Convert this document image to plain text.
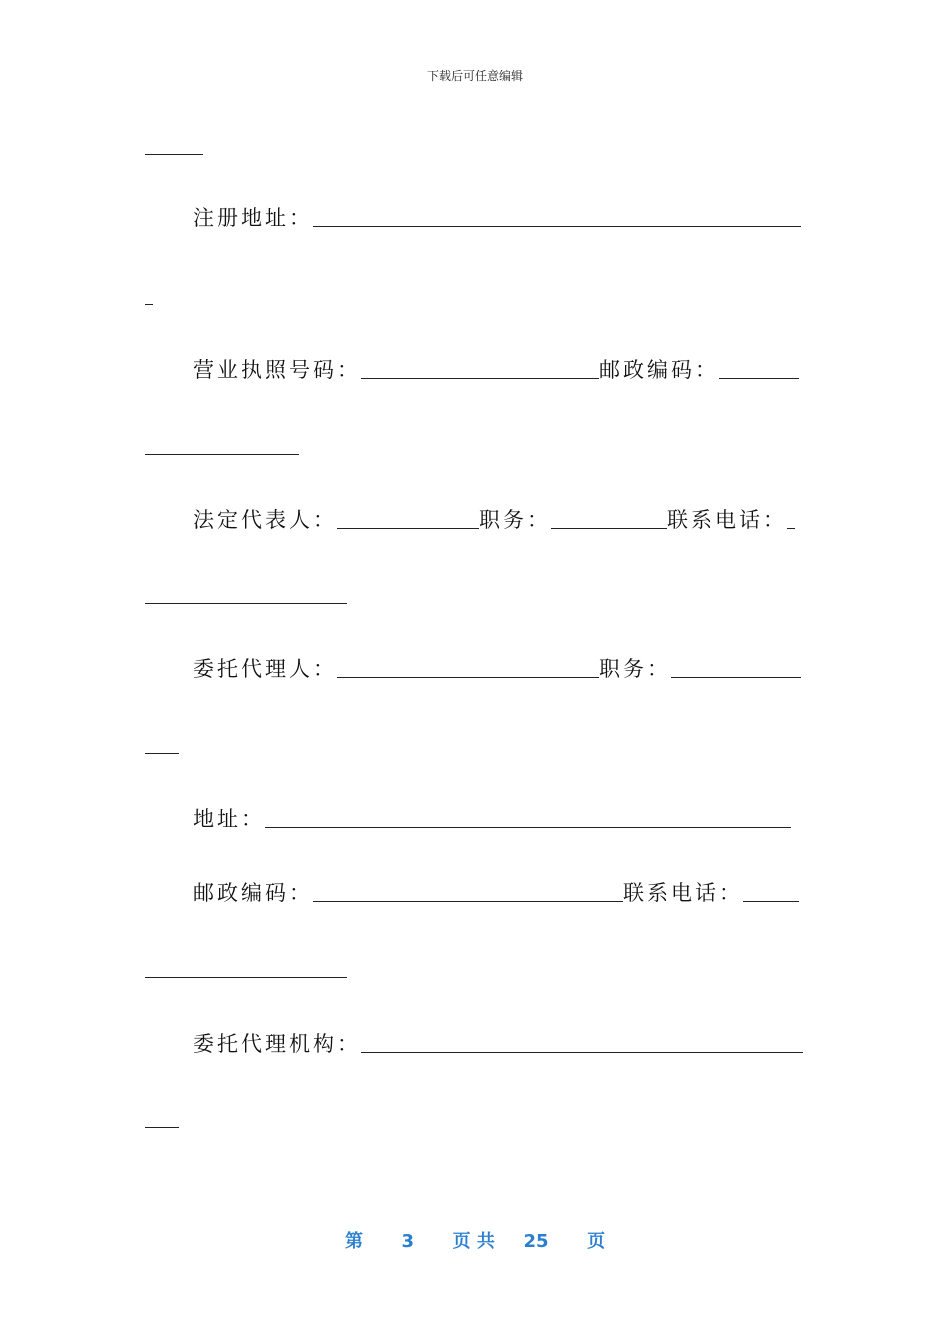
下载后可任意编辑
注册地址：
营业执照号码：	邮政编码：
法定代表人：	职务：	联系电话：
委托代理人：	职务：
地址：
邮政编码：	联系电话：
委托代理机构：
第 3 页 共 25 页
